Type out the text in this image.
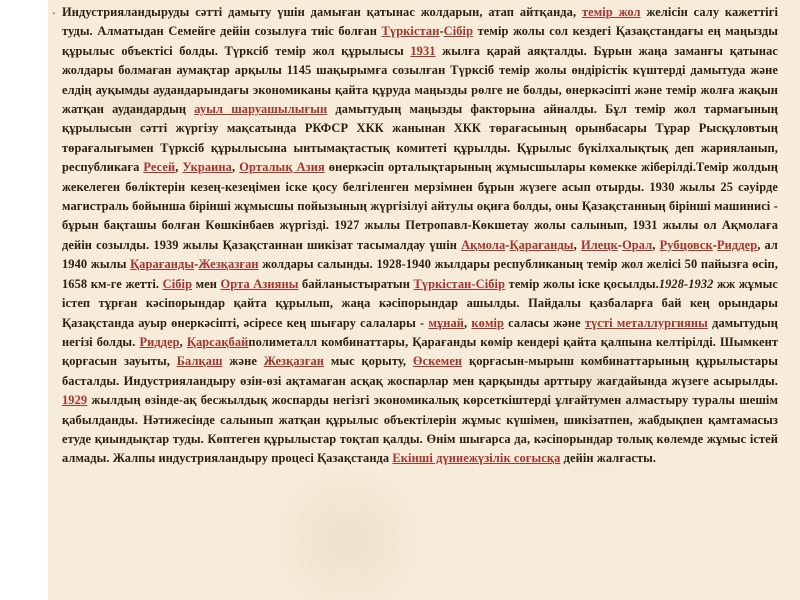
• Индустрияландыруды сәтті дамыту үшін дамыған қатынас жолдарын, атап айтқанда, темір жол желісін салу кажеттігі туды. Алматыдан Семейге дейін созылуға тиіс болған Түркістан-Сібір темір жолы сол кездегі Қазақстандағы ең маңызды құрылыс объектісі болды. Түрксіб темір жол құрылысы 1931 жылға қарай аяқталды. Бұрын жаңа заманғы қатынас жолдары болмаған аумақтар арқылы 1145 шақырымға созылған Түрксіб темір жолы өндірістік күштерді дамытуда және елдің ауқымды аудандарындағы экономиканы қайта құруда маңызды рөлге ие болды, өнеркәсіпті және темір жолға жақын жатқан аудандардың ауыл шаруашылығын дамытудың маңызды факторына айналды. Бұл темір жол тармағының құрылысын сәтті жүргізу мақсатында РКФСР ХКК жанынан ХКК төрағасының орынбасары Тұрар Рысқұловтың төрағалығымен Түрксіб құрылысына ынтымақтастық комитеті құрылды. Құрылыс бүкілхалықтық деп жарияланып, республикаға Ресей, Украина, Орталық Азия өнеркәсіп орталықтарының жұмысшылары көмекке жіберілді.Темір жолдың жекелеген бөліктерін кезең-кезеңімен іске қосу белгіленген мерзімнен бұрын жүзеге асып отырды. 1930 жылы 25 сәуірде магистраль бойынша бірінші жұмысшы пойызының жүргізілуі айтулы оқиға болды, оны Қазақстанның бірінші машинисі - бұрын бақташы болған Көшкінбаев жүргізді. 1927 жылы Петропавл-Көкшетау жолы салынып, 1931 жылы ол Ақмолаға дейін созылды. 1939 жылы Қазақстаннан шикізат тасымалдау үшін Ақмола-Қарағанды, Илецк-Орал, Рубцовск-Риддер, ал 1940 жылы Қарағанды-Жезқазған жолдары салынды. 1928-1940 жылдары республиканың темір жол желісі 50 пайызға өсіп, 1658 км-ге жетті. Сібір мен Орта Азияны байланыстыратын Түркістан-Сібір темір жолы іске қосылды.1928-1932 жж жұмыс істеп тұрған кәсіпорындар қайта құрылып, жаңа кәсіпорындар ашылды. Пайдалы қазбаларға бай кең орындары Қазақстанда ауыр өнеркәсіпті, әсіресе кең шығару салалары - мұнай, көмір саласы және түсті металлургияны дамытудың негізі болды. Риддер, Қарсақбайполиметалл комбинаттары, Қарағанды көмір кендері қайта қалпына келтірілді. Шымкент қорғасын зауыты, Балқаш және Жезқазған мыс қорыту, Өскемен қорғасын-мырыш комбинаттарының құрылыстары басталды. Индустрияландыру өзін-өзі ақтамаған асқақ жоспарлар мен қарқынды арттыру жағдайында жүзеге асырылды. 1929 жылдың өзінде-ақ бесжылдық жоспарды негізгі экономикалық көрсеткіштерді ұлғайтумен алмастыру туралы шешім қабылданды. Нәтижесінде салынып жатқан құрылыс объектілерін жұмыс күшімен, шикізатпен, жабдықпен қамтамасыз етуде қиындықтар туды. Көптеген құрылыстар тоқтап қалды. Өнім шығарса да, кәсіпорындар толық көлемде жұмыс істей алмады. Жалпы индустрияландыру процесі Қазақстанда Екінші дүниежүзілік соғысқа дейін жалғасты.
